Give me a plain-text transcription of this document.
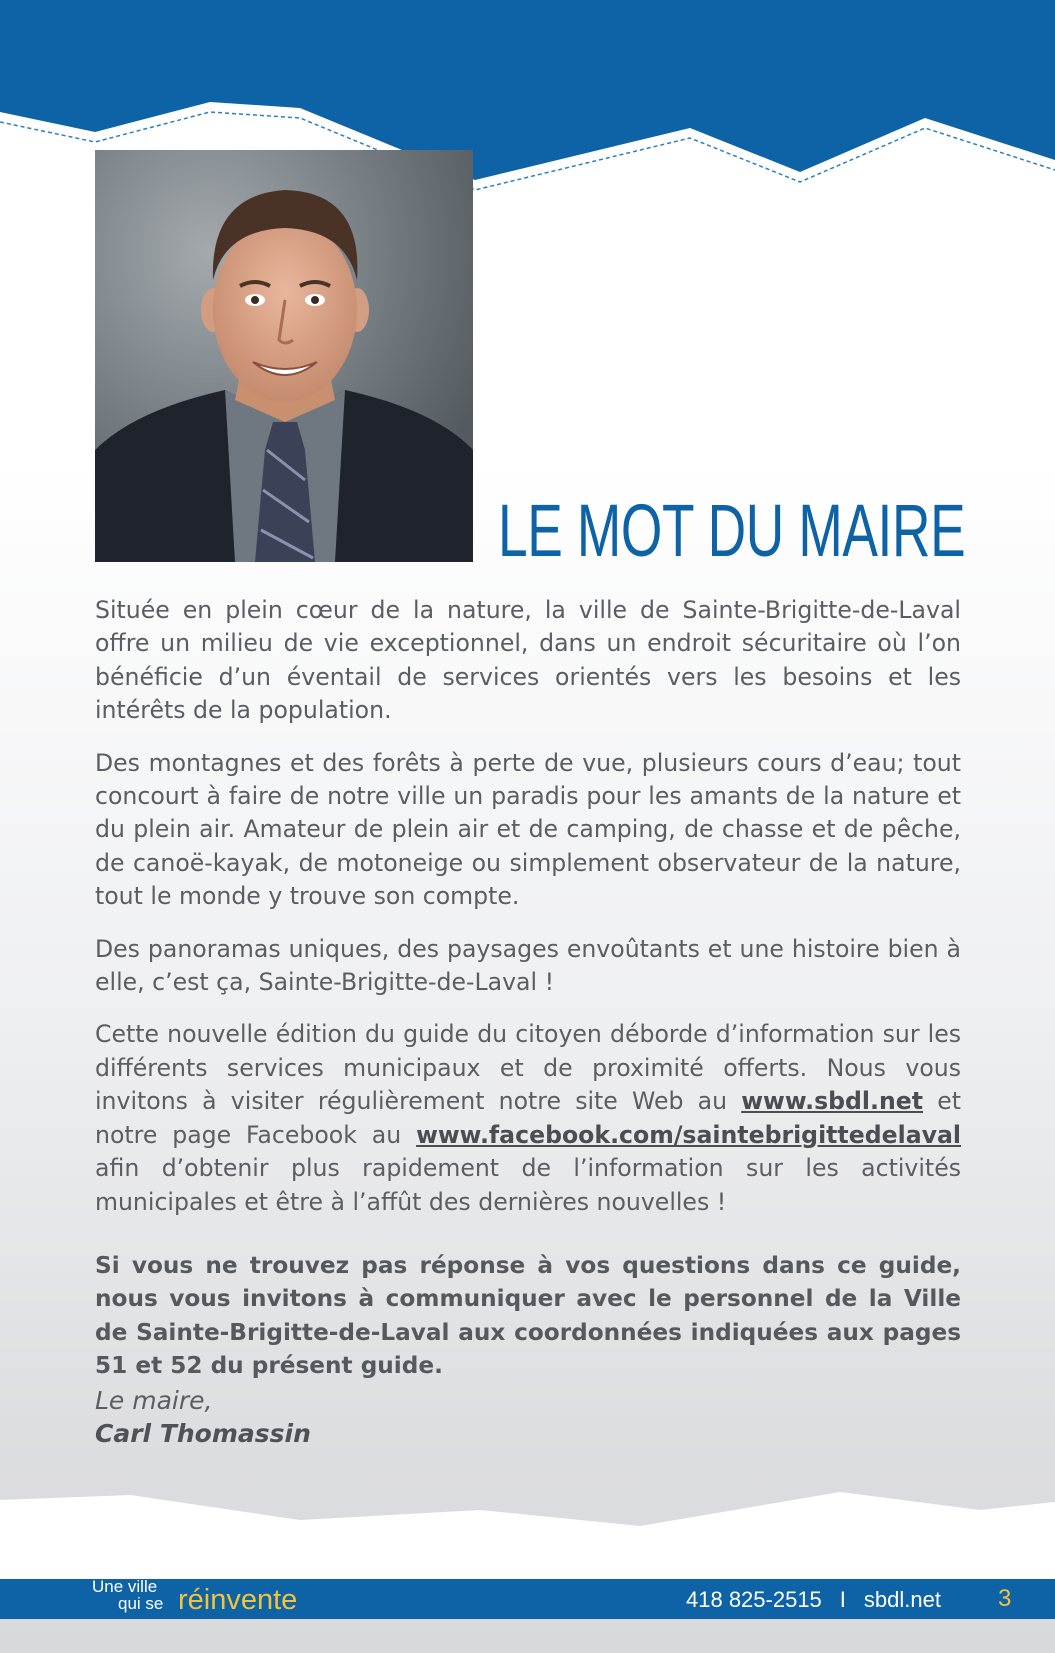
LE MOT DU MAIRE

Située en plein cœur de la nature, la ville de Sainte-Brigitte-de-Laval offre un milieu de vie exceptionnel, dans un endroit sécuritaire où l’on bénéficie d’un éventail de services orientés vers les besoins et les intérêts de la population.

Des montagnes et des forêts à perte de vue, plusieurs cours d’eau; tout concourt à faire de notre ville un paradis pour les amants de la nature et du plein air. Amateur de plein air et de camping, de chasse et de pêche, de canoë-kayak, de motoneige ou simplement observateur de la nature, tout le monde y trouve son compte.

Des panoramas uniques, des paysages envoûtants et une histoire bien à elle, c’est ça, Sainte-Brigitte-de-Laval !

Cette nouvelle édition du guide du citoyen déborde d’information sur les différents services municipaux et de proximité offerts. Nous vous invitons à visiter régulièrement notre site Web au www.sbdl.net et notre page Facebook au www.facebook.com/saintebrigittedelaval afin d’obtenir plus rapidement de l’information sur les activités municipales et être à l’affût des dernières nouvelles !

Si vous ne trouvez pas réponse à vos questions dans ce guide, nous vous invitons à communiquer avec le personnel de la Ville de Sainte-Brigitte-de-Laval aux coordonnées indiquées aux pages 51 et 52 du présent guide.

Le maire,
Carl Thomassin
Une ville
qui se réinvente	418 825-2515 I sbdl.net 3
